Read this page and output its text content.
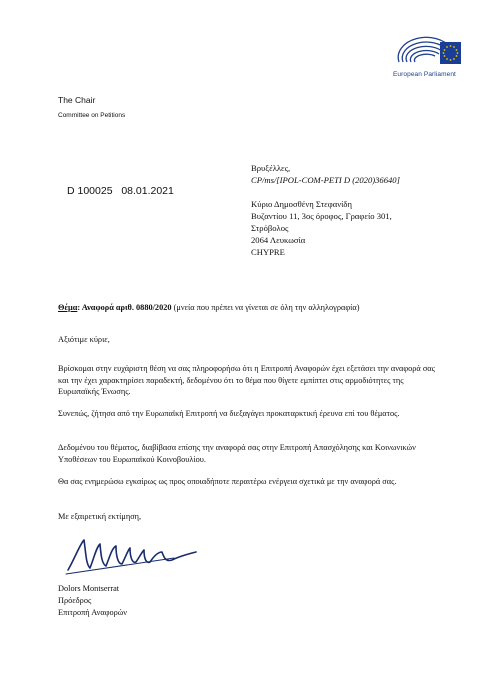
European Parliament
The Chair
Committee on Petitions
D 100025 08.01.2021
Βρυξέλλες,
CP/ms/[IPOL-COM-PETI D (2020)36640]
Κύριο Δημοσθένη Στεφανίδη
Βυζαντίου 11, 3ος όροφος, Γραφείο 301,
Στρόβολος
2064 Λευκωσία
CHYPRE
Θέμα: Αναφορά αριθ. 0880/2020 (μνεία που πρέπει να γίνεται σε όλη την αλληλογραφία)
Αξιότιμε κύριε,
Βρίσκομαι στην ευχάριστη θέση να σας πληροφορήσω ότι η Επιτροπή Αναφορών έχει εξετάσει την αναφορά σας και την έχει χαρακτηρίσει παραδεκτή, δεδομένου ότι το θέμα που θίγετε εμπίπτει στις αρμοδιότητες της Ευρωπαϊκής Ένωσης.
Συνεπώς, ζήτησα από την Ευρωπαϊκή Επιτροπή να διεξαγάγει προκαταρκτική έρευνα επί του θέματος.
Δεδομένου του θέματος, διαβίβασα επίσης την αναφορά σας στην Επιτροπή Απασχόλησης και Κοινωνικών Υποθέσεων του Ευρωπαϊκού Κοινοβουλίου.
Θα σας ενημερώσω εγκαίρως ως προς οποιαδήποτε περαιτέρω ενέργεια σχετικά με την αναφορά σας.
Με εξαιρετική εκτίμηση,
Dolors Montserrat
Πρόεδρος
Επιτροπή Αναφορών
